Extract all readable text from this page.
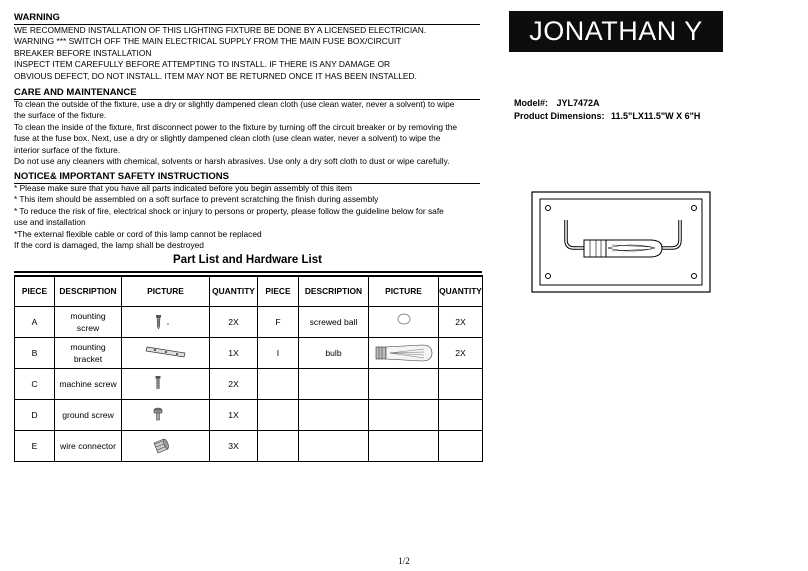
WARNING
WE RECOMMEND INSTALLATION OF THIS LIGHTING FIXTURE BE DONE BY A LICENSED ELECTRICIAN.
WARNING *** SWITCH OFF THE MAIN ELECTRICAL SUPPLY FROM THE MAIN FUSE BOX/CIRCUIT
BREAKER BEFORE INSTALLATION
INSPECT ITEM CAREFULLY BEFORE ATTEMPTING TO INSTALL. IF THERE IS ANY DAMAGE OR
OBVIOUS DEFECT, DO NOT INSTALL. ITEM MAY NOT BE RETURNED ONCE IT HAS BEEN INSTALLED.
CARE AND MAINTENANCE
To clean the outside of the fixture, use a dry or slightly dampened clean cloth (use clean water, never a solvent) to wipe
the surface of the fixture.
To clean the inside of the fixture, first disconnect power to the fixture by turning off the circuit breaker or by removing the
fuse at the fuse box. Next, use a dry or slightly dampened clean cloth (use clean water, never a solvent) to wipe the
interior surface of the fixture.
Do not use any cleaners with chemical, solvents or harsh abrasives. Use only a dry soft cloth to dust or wipe carefully.
NOTICE& IMPORTANT SAFETY INSTRUCTIONS
* Please make sure that you have all parts indicated before you begin assembly of this item
* This item should be assembled on a soft surface to prevent scratching the finish during assembly
* To reduce the risk of fire, electrical shock or injury to persons or property, please follow the guideline below for safe
use and installation
*The external flexible cable or cord of this lamp cannot be replaced
If the cord is damaged, the lamp shall be destroyed
JONATHAN Y
Model#: JYL7472A
Product Dimensions: 11.5"LX11.5"W X 6"H
Part List and Hardware List
PIECE	DESCRIPTION	PICTURE	QUANTITY	PIECE	DESCRIPTION	PICTURE	QUANTITY
A	mounting
screw		2X	F	screwed ball		2X
B	mounting
bracket		1X	I	bulb		2X
C	machine screw		2X				
D	ground screw		1X				
E	wire connector		3X				
1/2
